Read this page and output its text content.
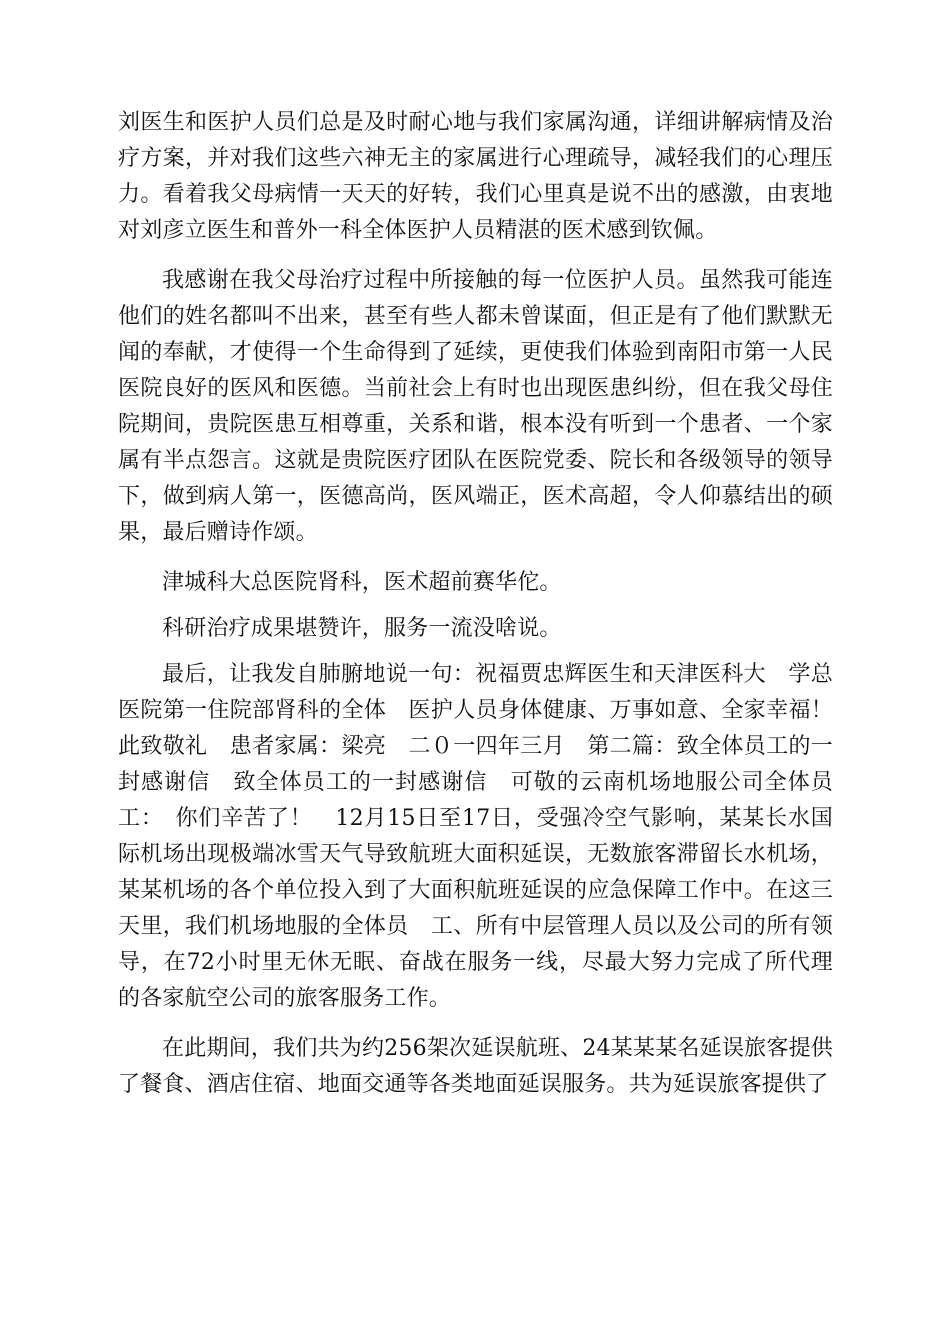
刘医生和医护人员们总是及时耐心地与我们家属沟通，详细讲解病情及治疗方案，并对我们这些六神无主的家属进行心理疏导，减轻我们的心理压力。看着我父母病情一天天的好转，我们心里真是说不出的感激，由衷地对刘彦立医生和普外一科全体医护人员精湛的医术感到钦佩。

我感谢在我父母治疗过程中所接触的每一位医护人员。虽然我可能连他们的姓名都叫不出来，甚至有些人都未曾谋面，但正是有了他们默默无闻的奉献，才使得一个生命得到了延续，更使我们体验到南阳市第一人民医院良好的医风和医德。当前社会上有时也出现医患纠纷，但在我父母住院期间，贵院医患互相尊重，关系和谐，根本没有听到一个患者、一个家属有半点怨言。这就是贵院医疗团队在医院党委、院长和各级领导的领导下，做到病人第一，医德高尚，医风端正，医术高超，令人仰慕结出的硕果，最后赠诗作颂。

津城科大总医院肾科，医术超前赛华佗。

科研治疗成果堪赞许，服务一流没啥说。

最后，让我发自肺腑地说一句：祝福贾忠辉医生和天津医科大　学总医院第一住院部肾科的全体　医护人员身体健康、万事如意、全家幸福！此致敬礼　患者家属：梁亮　二０一四年三月　第二篇：致全体员工的一封感谢信　致全体员工的一封感谢信　可敬的云南机场地服公司全体员工：　你们辛苦了！　12月15日至17日，受强冷空气影响，某某长水国际机场出现极端冰雪天气导致航班大面积延误，无数旅客滞留长水机场，某某机场的各个单位投入到了大面积航班延误的应急保障工作中。在这三天里，我们机场地服的全体员　工、所有中层管理人员以及公司的所有领导，在72小时里无休无眠、奋战在服务一线，尽最大努力完成了所代理的各家航空公司的旅客服务工作。

在此期间，我们共为约256架次延误航班、24某某某名延误旅客提供了餐食、酒店住宿、地面交通等各类地面延误服务。共为延误旅客提供了
